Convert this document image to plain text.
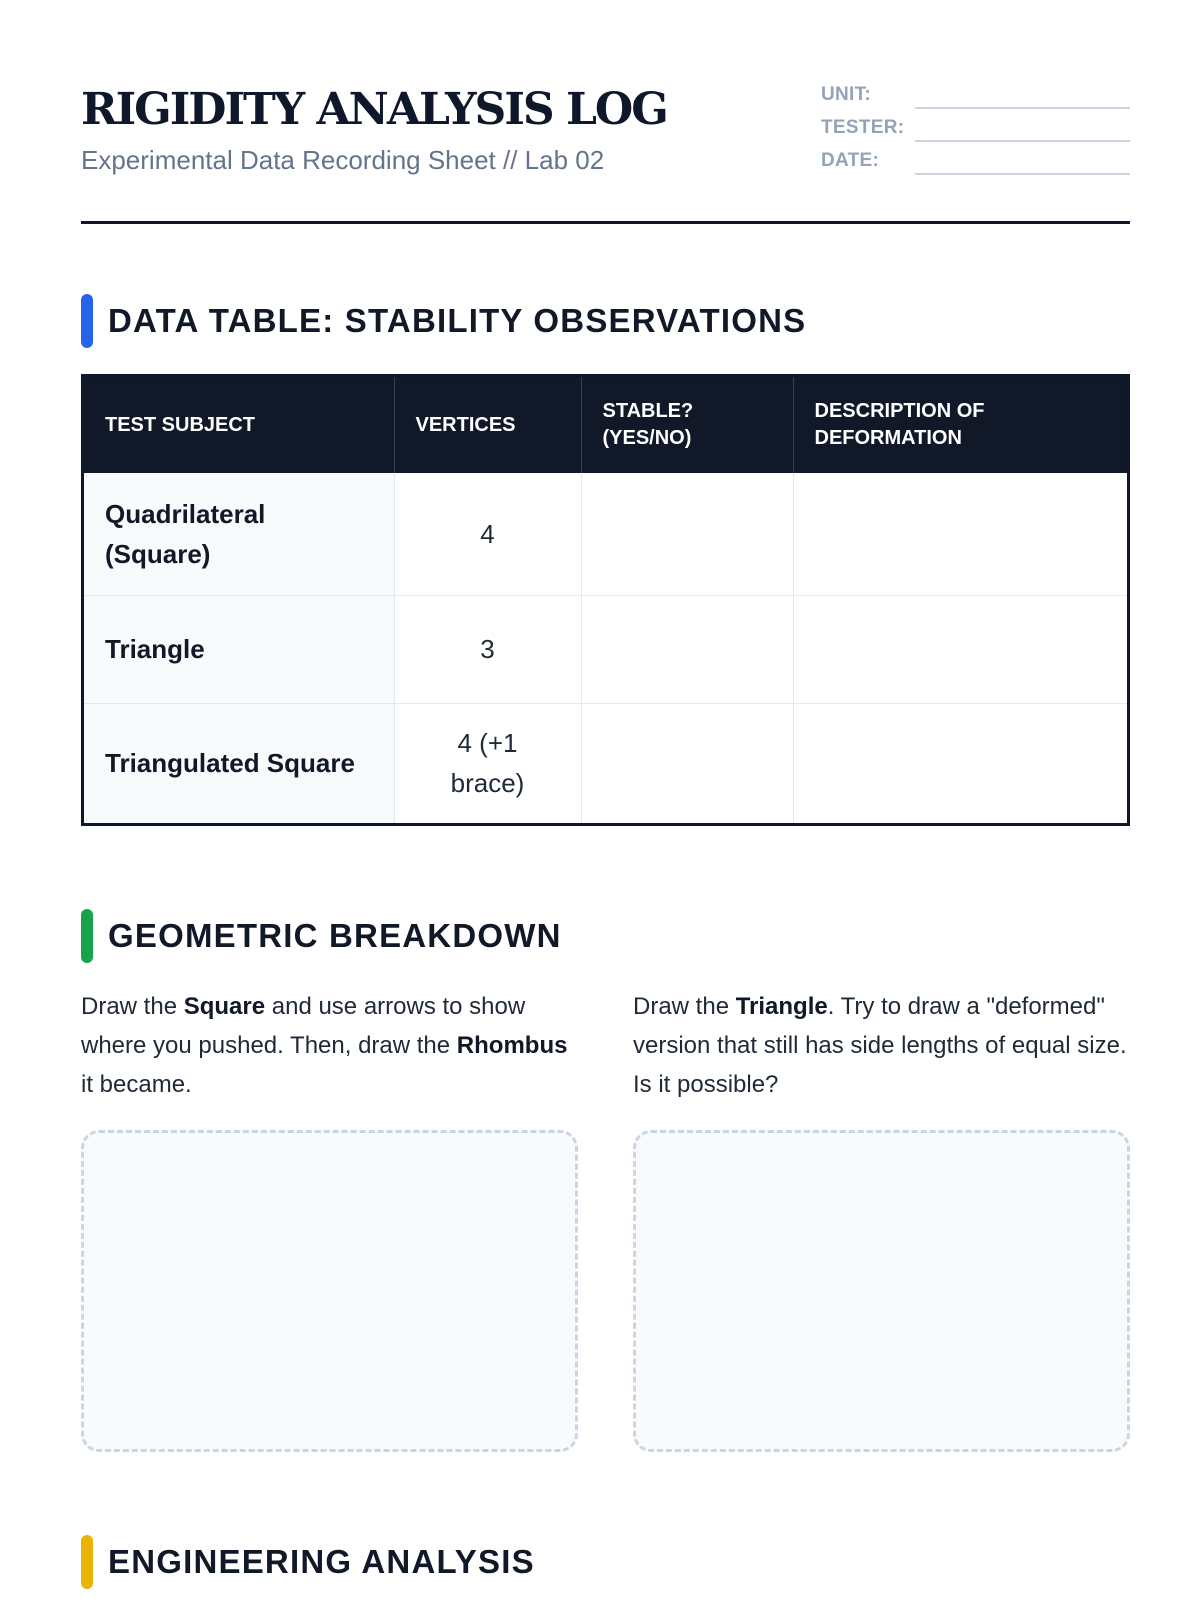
RIGIDITY ANALYSIS LOG
Experimental Data Recording Sheet // Lab 02
UNIT:
TESTER:
DATE:
DATA TABLE: STABILITY OBSERVATIONS
TEST SUBJECT	VERTICES	STABLE? (YES/NO)	DESCRIPTION OF DEFORMATION
Quadrilateral (Square)	4		
Triangle	3		
Triangulated Square	4 (+1 brace)		
GEOMETRIC BREAKDOWN
Draw the Square and use arrows to show where you pushed. Then, draw the Rhombus it became.
Draw the Triangle. Try to draw a "deformed" version that still has side lengths of equal size. Is it possible?
ENGINEERING ANALYSIS
